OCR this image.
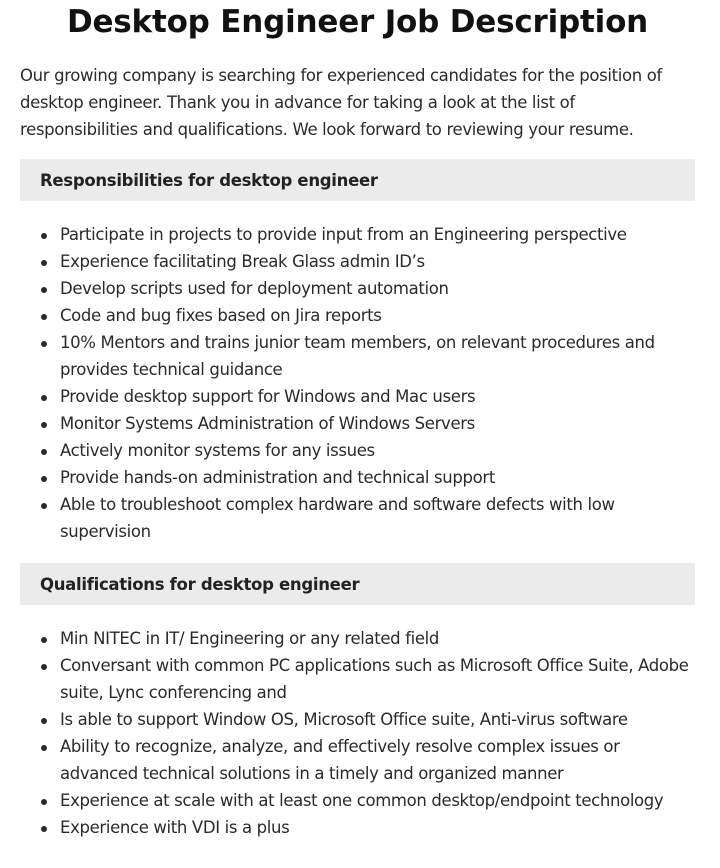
Desktop Engineer Job Description

Our growing company is searching for experienced candidates for the position of desktop engineer. Thank you in advance for taking a look at the list of responsibilities and qualifications. We look forward to reviewing your resume.

Responsibilities for desktop engineer
Participate in projects to provide input from an Engineering perspective
Experience facilitating Break Glass admin ID’s
Develop scripts used for deployment automation
Code and bug fixes based on Jira reports
10% Mentors and trains junior team members, on relevant procedures and provides technical guidance
Provide desktop support for Windows and Mac users
Monitor Systems Administration of Windows Servers
Actively monitor systems for any issues
Provide hands-on administration and technical support
Able to troubleshoot complex hardware and software defects with low supervision
Qualifications for desktop engineer
Min NITEC in IT/ Engineering or any related field
Conversant with common PC applications such as Microsoft Office Suite, Adobe suite, Lync conferencing and
Is able to support Window OS, Microsoft Office suite, Anti-virus software
Ability to recognize, analyze, and effectively resolve complex issues or advanced technical solutions in a timely and organized manner
Experience at scale with at least one common desktop/endpoint technology
Experience with VDI is a plus
